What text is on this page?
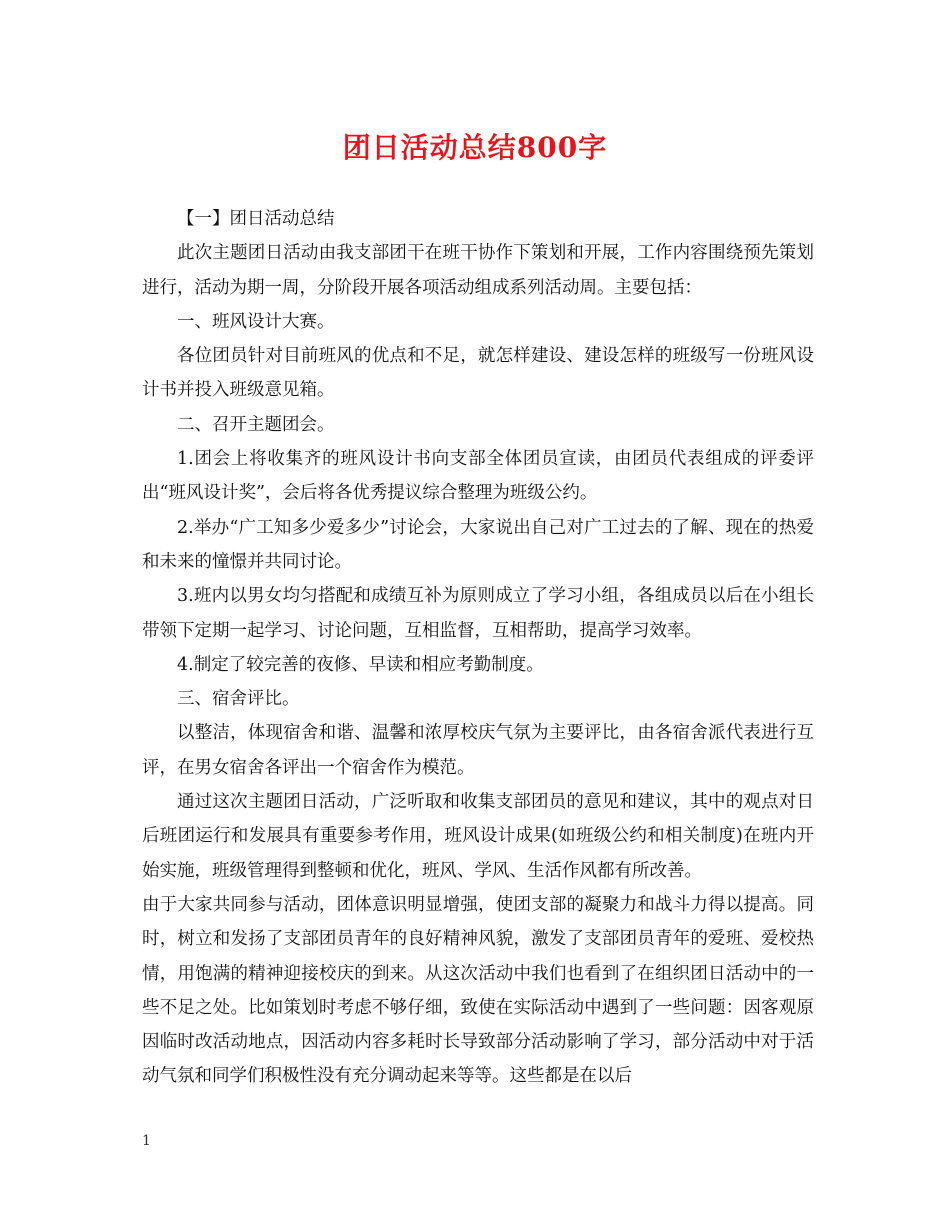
团日活动总结800字

【一】团日活动总结

此次主题团日活动由我支部团干在班干协作下策划和开展，工作内容围绕预先策划进行，活动为期一周，分阶段开展各项活动组成系列活动周。主要包括：

一、班风设计大赛。

各位团员针对目前班风的优点和不足，就怎样建设、建设怎样的班级写一份班风设计书并投入班级意见箱。

二、召开主题团会。

1.团会上将收集齐的班风设计书向支部全体团员宣读，由团员代表组成的评委评出“班风设计奖”，会后将各优秀提议综合整理为班级公约。

2.举办“广工知多少爱多少”讨论会，大家说出自己对广工过去的了解、现在的热爱和未来的憧憬并共同讨论。

3.班内以男女均匀搭配和成绩互补为原则成立了学习小组，各组成员以后在小组长带领下定期一起学习、讨论问题，互相监督，互相帮助，提高学习效率。

4.制定了较完善的夜修、早读和相应考勤制度。

三、宿舍评比。

以整洁，体现宿舍和谐、温馨和浓厚校庆气氛为主要评比，由各宿舍派代表进行互评，在男女宿舍各评出一个宿舍作为模范。

通过这次主题团日活动，广泛听取和收集支部团员的意见和建议，其中的观点对日后班团运行和发展具有重要参考作用，班风设计成果(如班级公约和相关制度)在班内开始实施，班级管理得到整顿和优化，班风、学风、生活作风都有所改善。

由于大家共同参与活动，团体意识明显增强，使团支部的凝聚力和战斗力得以提高。同时，树立和发扬了支部团员青年的良好精神风貌，激发了支部团员青年的爱班、爱校热情，用饱满的精神迎接校庆的到来。从这次活动中我们也看到了在组织团日活动中的一些不足之处。比如策划时考虑不够仔细，致使在实际活动中遇到了一些问题：因客观原因临时改活动地点，因活动内容多耗时长导致部分活动影响了学习，部分活动中对于活动气氛和同学们积极性没有充分调动起来等等。这些都是在以后

1
